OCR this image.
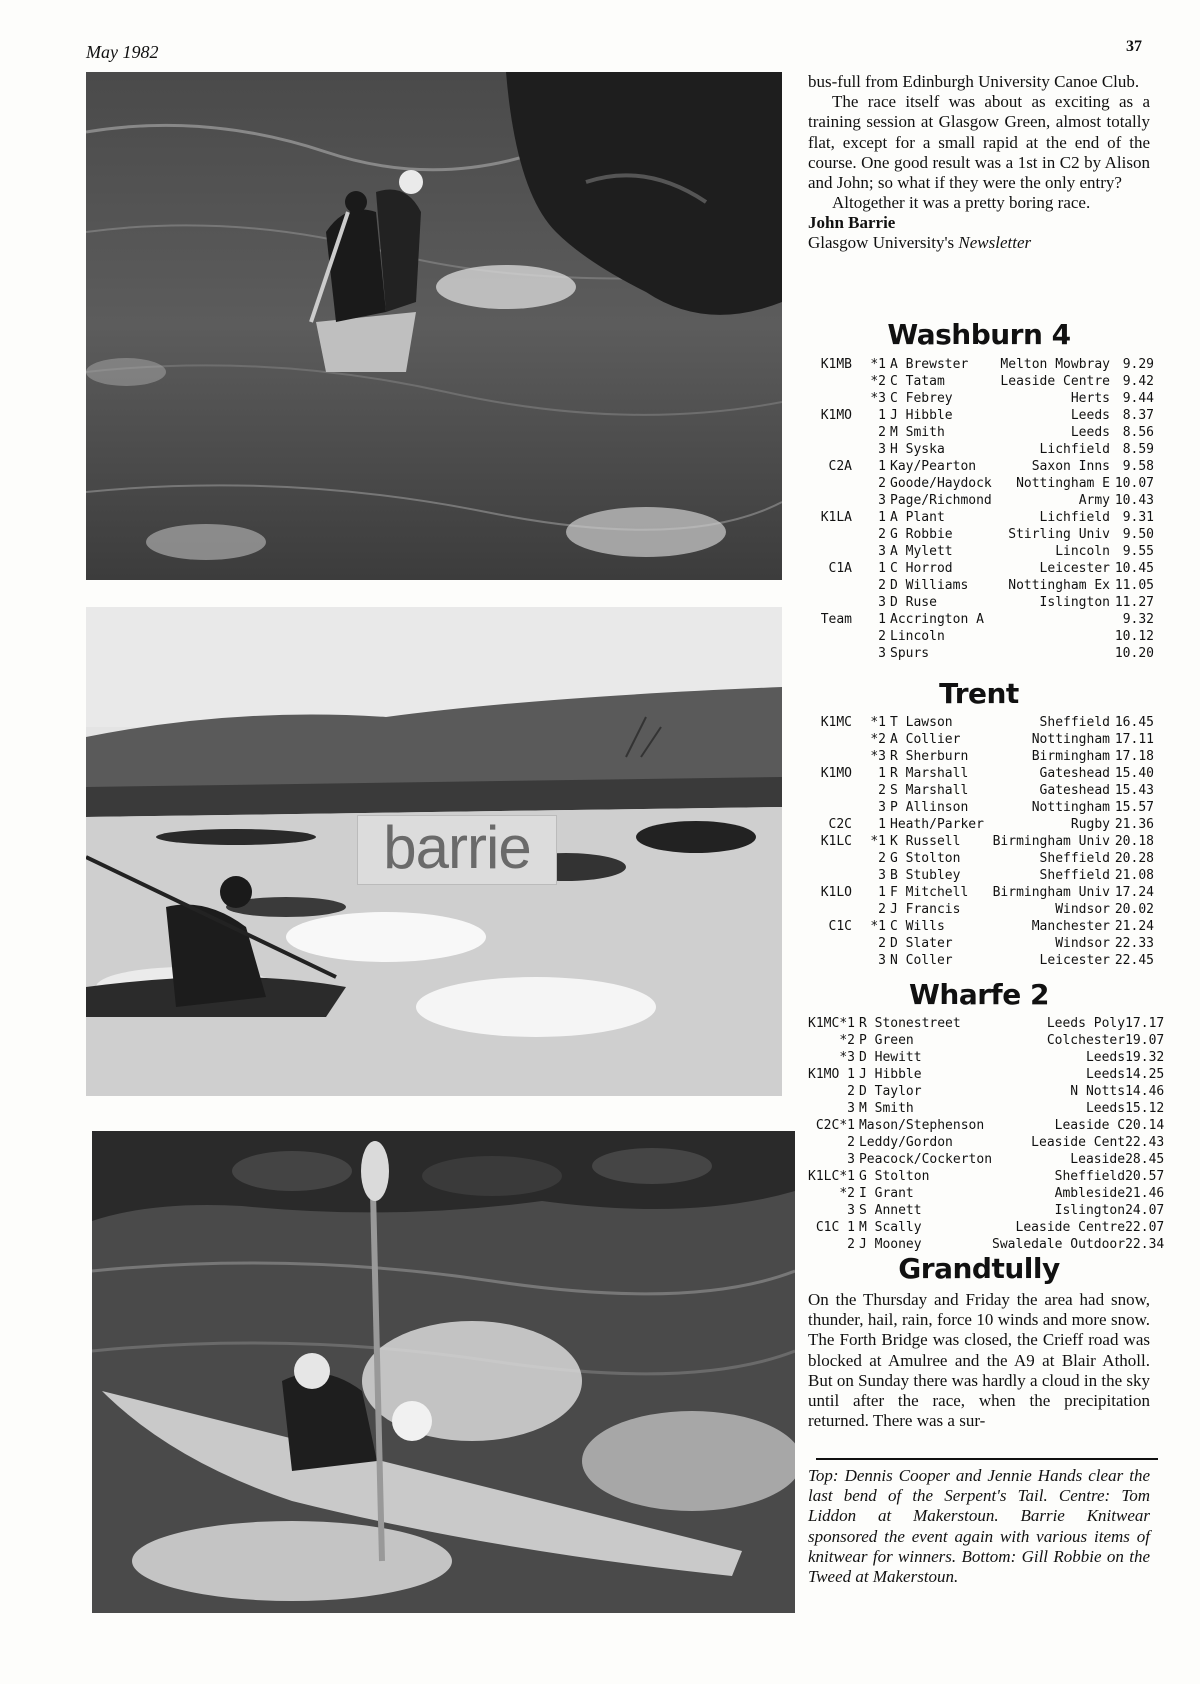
May 1982	37
barrie

bus-full from Edinburgh University Canoe Club.

The race itself was about as exciting as a training session at Glasgow Green, almost totally flat, except for a small rapid at the end of the course. One good result was a 1st in C2 by Alison and John; so what if they were the only entry?

Altogether it was a pretty boring race.

John Barrie
Glasgow University's Newsletter
Washburn 4
K1MB	*1	A Brewster	Melton Mowbray	9.29
	*2	C Tatam	Leaside Centre	9.42
	*3	C Febrey	Herts	9.44
K1MO	1	J Hibble	Leeds	8.37
	2	M Smith	Leeds	8.56
	3	H Syska	Lichfield	8.59
C2A	1	Kay/Pearton	Saxon Inns	9.58
	2	Goode/Haydock	Nottingham E	10.07
	3	Page/Richmond	Army	10.43
K1LA	1	A Plant	Lichfield	9.31
	2	G Robbie	Stirling Univ	9.50
	3	A Mylett	Lincoln	9.55
C1A	1	C Horrod	Leicester	10.45
	2	D Williams	Nottingham Ex	11.05
	3	D Ruse	Islington	11.27
Team	1	Accrington A		9.32
	2	Lincoln		10.12
	3	Spurs		10.20
Trent
K1MC	*1	T Lawson	Sheffield	16.45
	*2	A Collier	Nottingham	17.11
	*3	R Sherburn	Birmingham	17.18
K1MO	1	R Marshall	Gateshead	15.40
	2	S Marshall	Gateshead	15.43
	3	P Allinson	Nottingham	15.57
C2C	1	Heath/Parker	Rugby	21.36
K1LC	*1	K Russell	Birmingham Univ	20.18
	2	G Stolton	Sheffield	20.28
	3	B Stubley	Sheffield	21.08
K1LO	1	F Mitchell	Birmingham Univ	17.24
	2	J Francis	Windsor	20.02
C1C	*1	C Wills	Manchester	21.24
	2	D Slater	Windsor	22.33
	3	N Coller	Leicester	22.45
Wharfe 2
K1MC	*1	R Stonestreet	Leeds Poly	17.17
	*2	P Green	Colchester	19.07
	*3	D Hewitt	Leeds	19.32
K1MO	1	J Hibble	Leeds	14.25
	2	D Taylor	N Notts	14.46
	3	M Smith	Leeds	15.12
C2C	*1	Mason/Stephenson	Leaside C	20.14
	2	Leddy/Gordon	Leaside Cent	22.43
	3	Peacock/Cockerton	Leaside	28.45
K1LC	*1	G Stolton	Sheffield	20.57
	*2	I Grant	Ambleside	21.46
	3	S Annett	Islington	24.07
C1C	1	M Scally	Leaside Centre	22.07
	2	J Mooney	Swaledale Outdoor	22.34
Grandtully

On the Thursday and Friday the area had snow, thunder, hail, rain, force 10 winds and more snow. The Forth Bridge was closed, the Crieff road was blocked at Amulree and the A9 at Blair Atholl. But on Sunday there was hardly a cloud in the sky until after the race, when the precipitation returned. There was a sur-

Top: Dennis Cooper and Jennie Hands clear the last bend of the Serpent's Tail. Centre: Tom Liddon at Makerstoun. Barrie Knitwear sponsored the event again with various items of knitwear for winners. Bottom: Gill Robbie on the Tweed at Makerstoun.
